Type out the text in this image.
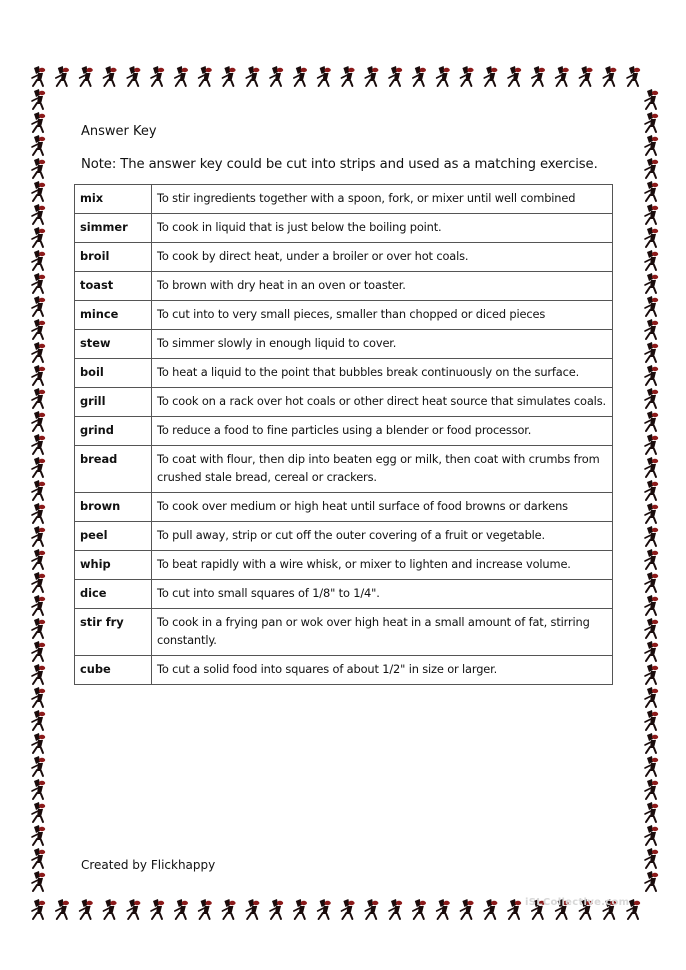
Answer Key
Note: The answer key could be cut into strips and used as a matching exercise.
mix	To stir ingredients together with a spoon, fork, or mixer until well combined
simmer	To cook in liquid that is just below the boiling point.
broil	To cook by direct heat, under a broiler or over hot coals.
toast	To brown with dry heat in an oven or toaster.
mince	To cut into to very small pieces, smaller than chopped or diced pieces
stew	To simmer slowly in enough liquid to cover.
boil	To heat a liquid to the point that bubbles break continuously on the surface.
grill	To cook on a rack over hot coals or other direct heat source that simulates coals.
grind	To reduce a food to fine particles using a blender or food processor.
bread	To coat with flour, then dip into beaten egg or milk, then coat with crumbs from crushed stale bread, cereal or crackers.
brown	To cook over medium or high heat until surface of food browns or darkens
peel	To pull away, strip or cut off the outer covering of a fruit or vegetable.
whip	To beat rapidly with a wire whisk, or mixer to lighten and increase volume.
dice	To cut into small squares of 1/8" to 1/4".
stir fry	To cook in a frying pan or wok over high heat in a small amount of fat, stirring constantly.
cube	To cut a solid food into squares of about 1/2" in size or larger.
Created by Flickhappy
iSLCollective.com
